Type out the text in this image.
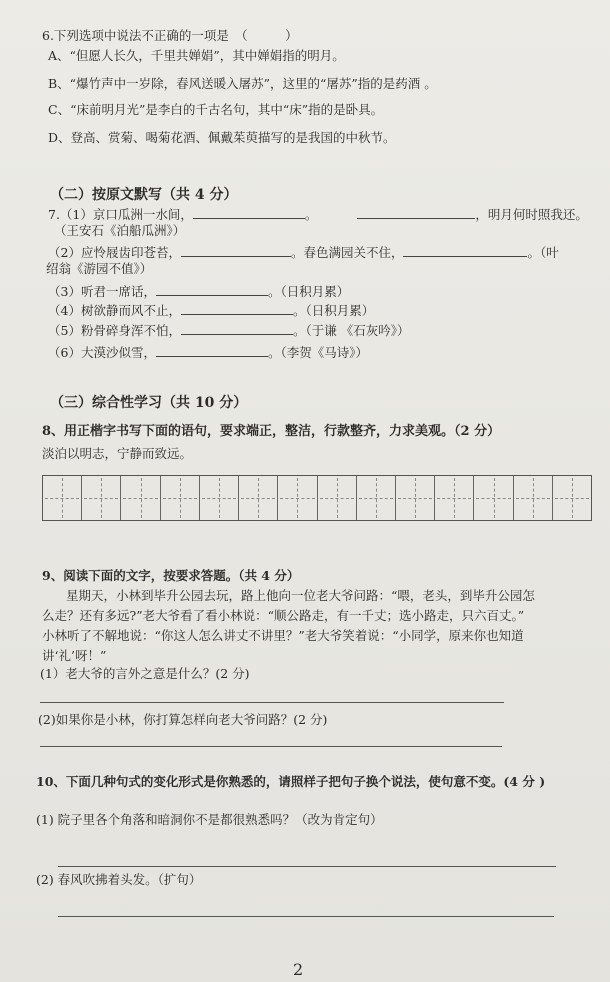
6.下列选项中说法不正确的一项是　（　　　）
A、“但愿人长久，千里共婵娟”，其中婵娟指的明月。
B、“爆竹声中一岁除，春风送暖入屠苏”，这里的“屠苏”指的是药酒 。
C、“床前明月光”是李白的千古名句，其中“床”指的是卧具。
D、登高、赏菊、喝菊花酒、佩戴茱萸描写的是我国的中秋节。
（二）按原文默写（共 4 分）
7.（1）京口瓜洲一水间，	。	，明月何时照我还。
（王安石《泊船瓜洲》）
（2）应怜屐齿印苍苔，	。春色满园关不住，	。（叶
绍翁《游园不值》）
（3）听君一席话，	。（日积月累）
（4）树欲静而风不止，	。（日积月累）
（5）粉骨碎身浑不怕，	。（于谦 《石灰吟》）
（6）大漠沙似雪，	。（李贺《马诗》）
（三）综合性学习（共 10 分）
8、用正楷字书写下面的语句，要求端正，整洁，行款整齐，力求美观。（2 分）
淡泊以明志，宁静而致远。
9、阅读下面的文字，按要求答题。（共 4 分）
星期天，小林到毕升公园去玩，路上他向一位老大爷问路：“喂，老头，到毕升公园怎
么走？还有多远?”老大爷看了看小林说：“顺公路走，有一千丈；选小路走，只六百丈。”
小林听了不解地说：“你这人怎么讲丈不讲里？”老大爷笑着说：“小同学，原来你也知道
讲‘礼’呀！”
(1）老大爷的言外之意是什么？(2 分)
(2)如果你是小林，你打算怎样向老大爷问路？(2 分)
10、下面几种句式的变化形式是你熟悉的，请照样子把句子换个说法，使句意不变。(4 分 )
(1) 院子里各个角落和暗洞你不是都很熟悉吗？（改为肯定句）
(2) 春风吹拂着头发。（扩句）
2
